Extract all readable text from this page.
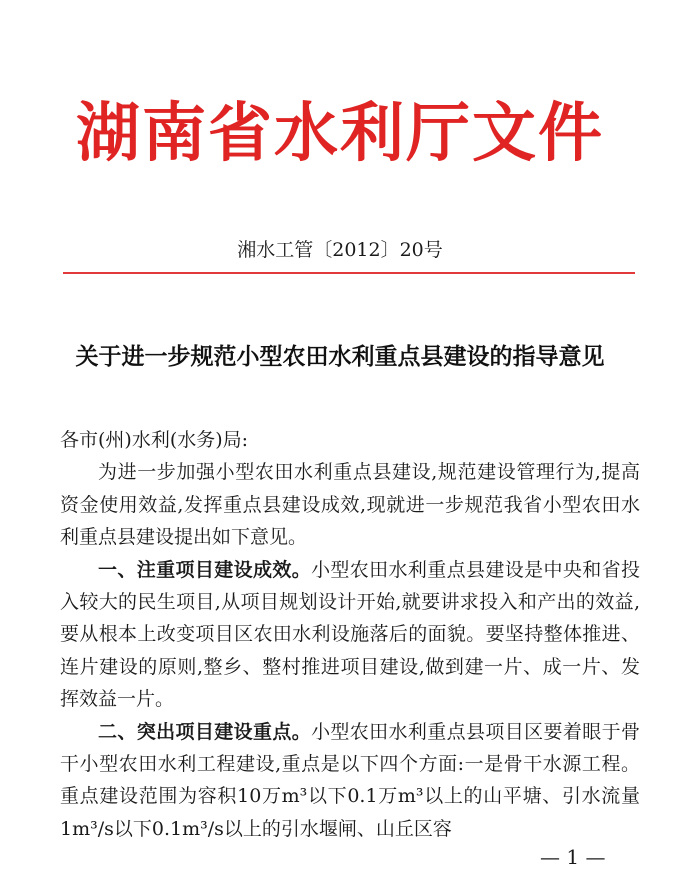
湖南省水利厅文件
湘水工管〔2012〕20号
关于进一步规范小型农田水利重点县建设的指导意见

各市(州)水利(水务)局:

为进一步加强小型农田水利重点县建设,规范建设管理行为,提高资金使用效益,发挥重点县建设成效,现就进一步规范我省小型农田水利重点县建设提出如下意见。

一、注重项目建设成效。小型农田水利重点县建设是中央和省投入较大的民生项目,从项目规划设计开始,就要讲求投入和产出的效益,要从根本上改变项目区农田水利设施落后的面貌。要坚持整体推进、连片建设的原则,整乡、整村推进项目建设,做到建一片、成一片、发挥效益一片。

二、突出项目建设重点。小型农田水利重点县项目区要着眼于骨干小型农田水利工程建设,重点是以下四个方面:一是骨干水源工程。重点建设范围为容积10万m³以下0.1万m³以上的山平塘、引水流量1m³/s以下0.1m³/s以上的引水堰闸、山丘区容

— 1 —
